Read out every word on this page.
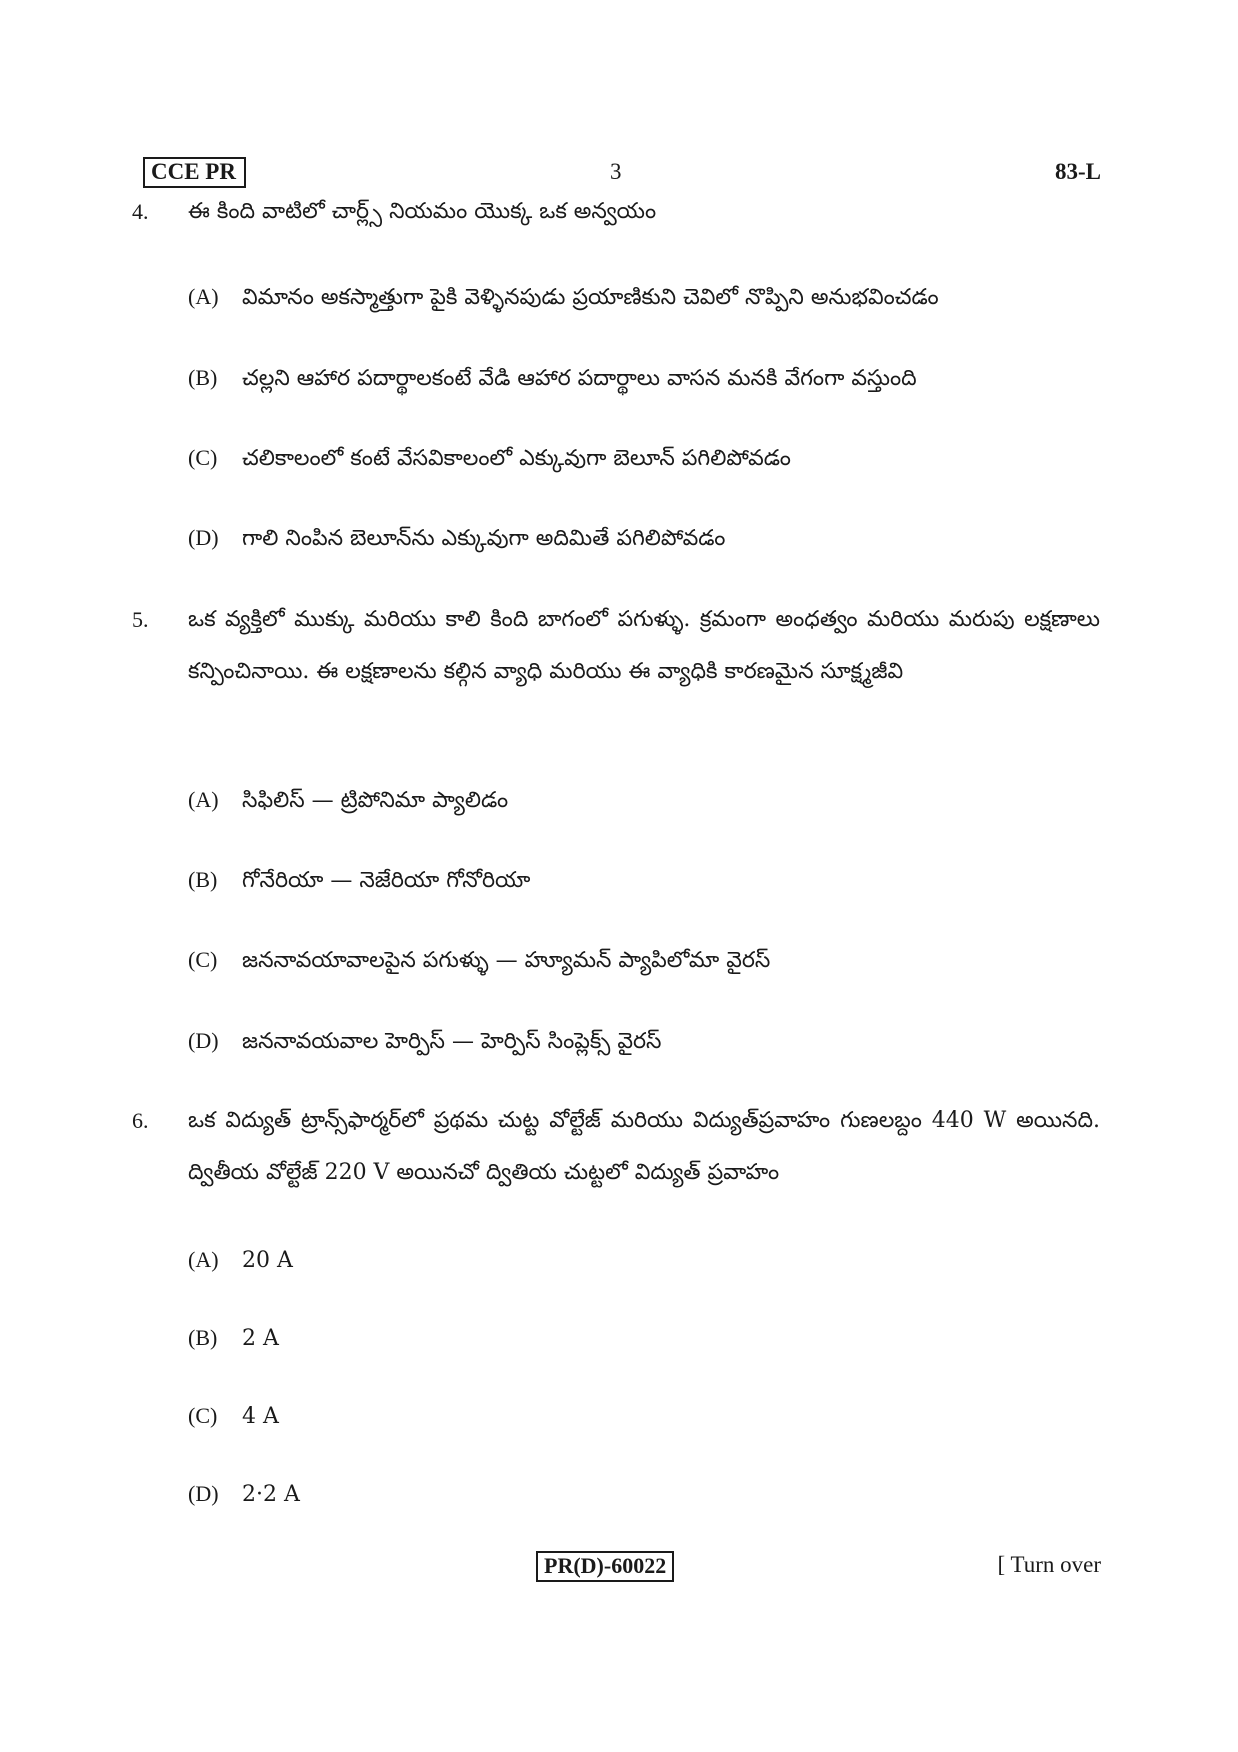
CCE PR	3	83-L
4. ఈ కింది వాటిలో చార్ల్స్ నియమం యొక్క ఒక అన్వయం
(A) విమానం అకస్మాత్తుగా పైకి వెళ్ళినపుడు ప్రయాణికుని చెవిలో నొప్పిని అనుభవించడం
(B) చల్లని ఆహార పదార్థాలకంటే వేడి ఆహార పదార్థాలు వాసన మనకి వేగంగా వస్తుంది
(C) చలికాలంలో కంటే వేసవికాలంలో ఎక్కువుగా బెలూన్ పగిలిపోవడం
(D) గాలి నింపిన బెలూన్‌ను ఎక్కువుగా అదిమితే పగిలిపోవడం
5. ఒక వ్యక్తిలో ముక్కు మరియు కాలి కింది బాగంలో పగుళ్ళు. క్రమంగా అంధత్వం మరియు మరుపు లక్షణాలు కన్పించినాయి. ఈ లక్షణాలను కల్గిన వ్యాధి మరియు ఈ వ్యాధికి కారణమైన సూక్ష్మజీవి
(A) సిఫిలిస్ — ట్రిపోనిమా ప్యాలిడం
(B) గోనేరియా — నెజేరియా గోనోరియా
(C) జననావయావాలపైన పగుళ్ళు — హ్యూమన్ ప్యాపిలోమా వైరస్
(D) జననావయవాల హెర్పిస్ — హెర్పిస్ సింప్లెక్స్ వైరస్
6. ఒక విద్యుత్ ట్రాన్స్‌ఫార్మర్‌లో ప్రథమ చుట్ట వోల్టేజ్ మరియు విద్యుత్‌ప్రవాహం గుణలబ్దం 440 W అయినది. ద్వితీయ వోల్టేజ్ 220 V అయినచో ద్వితియ చుట్టలో విద్యుత్ ప్రవాహం
(A) 20 A
(B) 2 A
(C) 4 A
(D) 2·2 A
PR(D)-60022	[ Turn over
